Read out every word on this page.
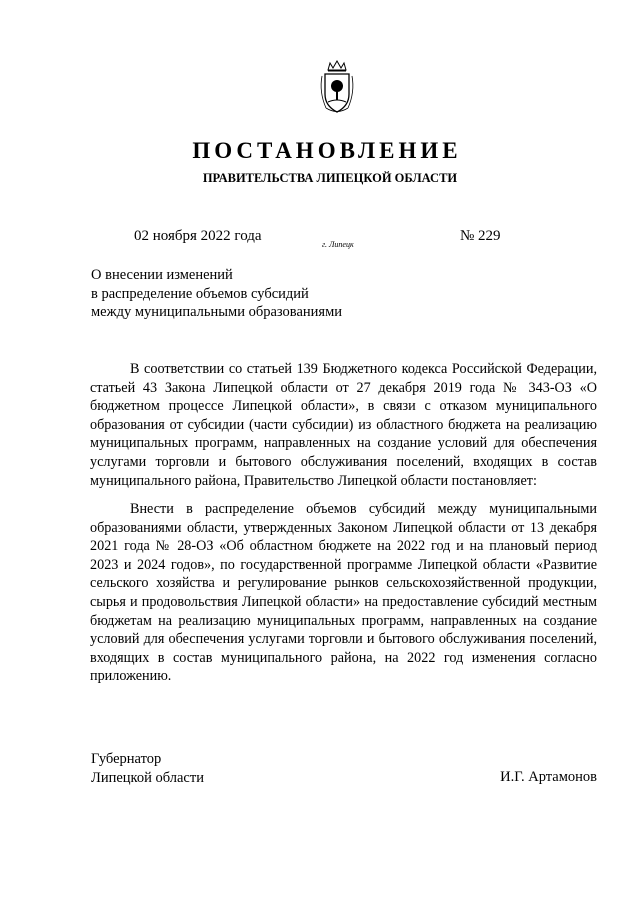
ПОСТАНОВЛЕНИЕ
ПРАВИТЕЛЬСТВА ЛИПЕЦКОЙ ОБЛАСТИ
02 ноября 2022 года
г. Липецк
№ 229
О внесении изменений
в распределение объемов субсидий
между муниципальными образованиями

В соответствии со статьей 139 Бюджетного кодекса Российской Федерации, статьей 43 Закона Липецкой области от 27 декабря 2019 года № 343-ОЗ «О бюджетном процессе Липецкой области», в связи с отказом муниципального образования от субсидии (части субсидии) из областного бюджета на реализацию муниципальных программ, направленных на создание условий для обеспечения услугами торговли и бытового обслуживания поселений, входящих в состав муниципального района, Правительство Липецкой области постановляет:

Внести в распределение объемов субсидий между муниципальными образованиями области, утвержденных Законом Липецкой области от 13 декабря 2021 года № 28-ОЗ «Об областном бюджете на 2022 год и на плановый период 2023 и 2024 годов», по государственной программе Липецкой области «Развитие сельского хозяйства и регулирование рынков сельскохозяйственной продукции, сырья и продовольствия Липецкой области» на предоставление субсидий местным бюджетам на реализацию муниципальных программ, направленных на создание условий для обеспечения услугами торговли и бытового обслуживания поселений, входящих в состав муниципального района, на 2022 год изменения согласно приложению.

Губернатор
Липецкой области	И.Г. Артамонов
